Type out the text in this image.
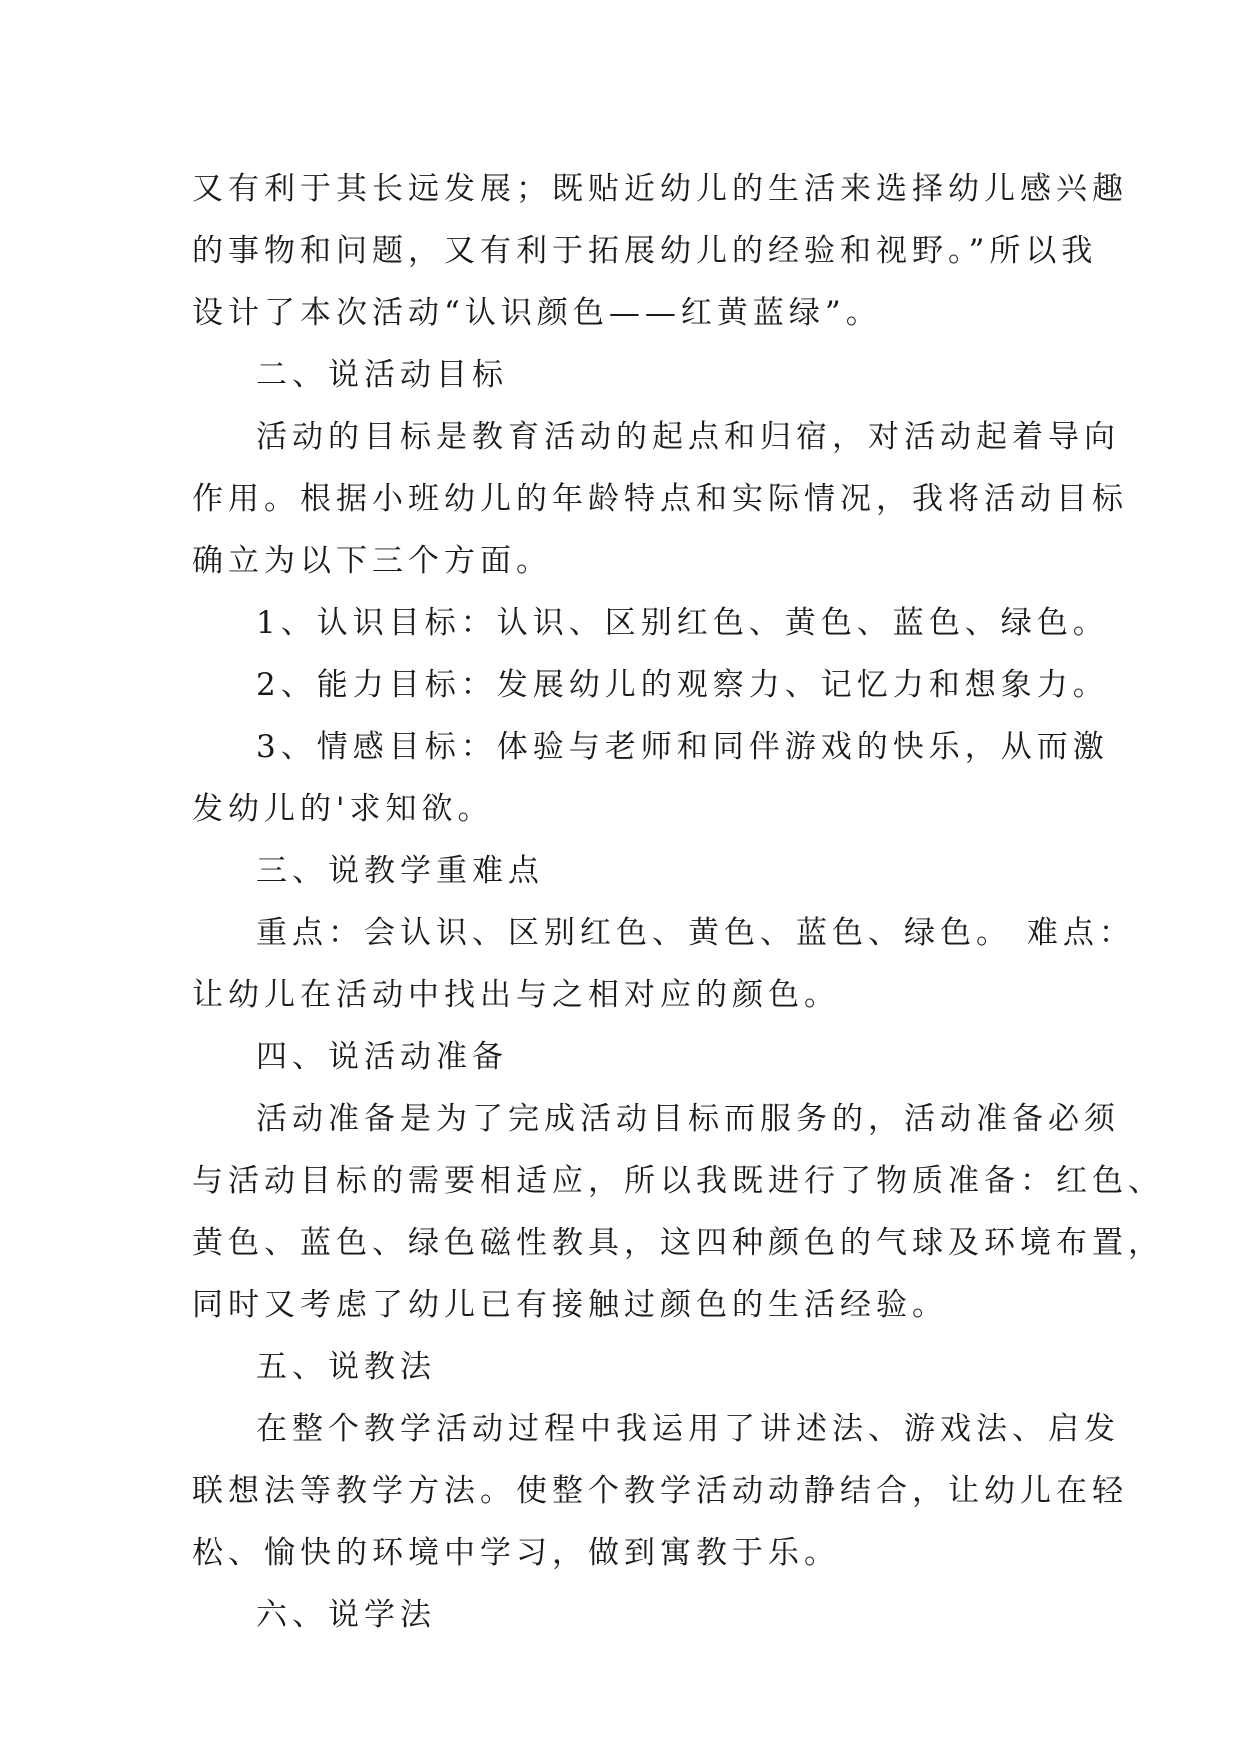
又有利于其长远发展；既贴近幼儿的生活来选择幼儿感兴趣
的事物和问题，又有利于拓展幼儿的经验和视野。”所以我
设计了本次活动“认识颜色——红黄蓝绿”。
二、说活动目标
活动的目标是教育活动的起点和归宿，对活动起着导向
作用。根据小班幼儿的年龄特点和实际情况，我将活动目标
确立为以下三个方面。
1、认识目标：认识、区别红色、黄色、蓝色、绿色。
2、能力目标：发展幼儿的观察力、记忆力和想象力。
3、情感目标：体验与老师和同伴游戏的快乐，从而激
发幼儿的'求知欲。
三、说教学重难点
重点：会认识、区别红色、黄色、蓝色、绿色。 难点：
让幼儿在活动中找出与之相对应的颜色。
四、说活动准备
活动准备是为了完成活动目标而服务的，活动准备必须
与活动目标的需要相适应，所以我既进行了物质准备：红色、
黄色、蓝色、绿色磁性教具，这四种颜色的气球及环境布置，
同时又考虑了幼儿已有接触过颜色的生活经验。
五、说教法
在整个教学活动过程中我运用了讲述法、游戏法、启发
联想法等教学方法。使整个教学活动动静结合，让幼儿在轻
松、愉快的环境中学习，做到寓教于乐。
六、说学法
